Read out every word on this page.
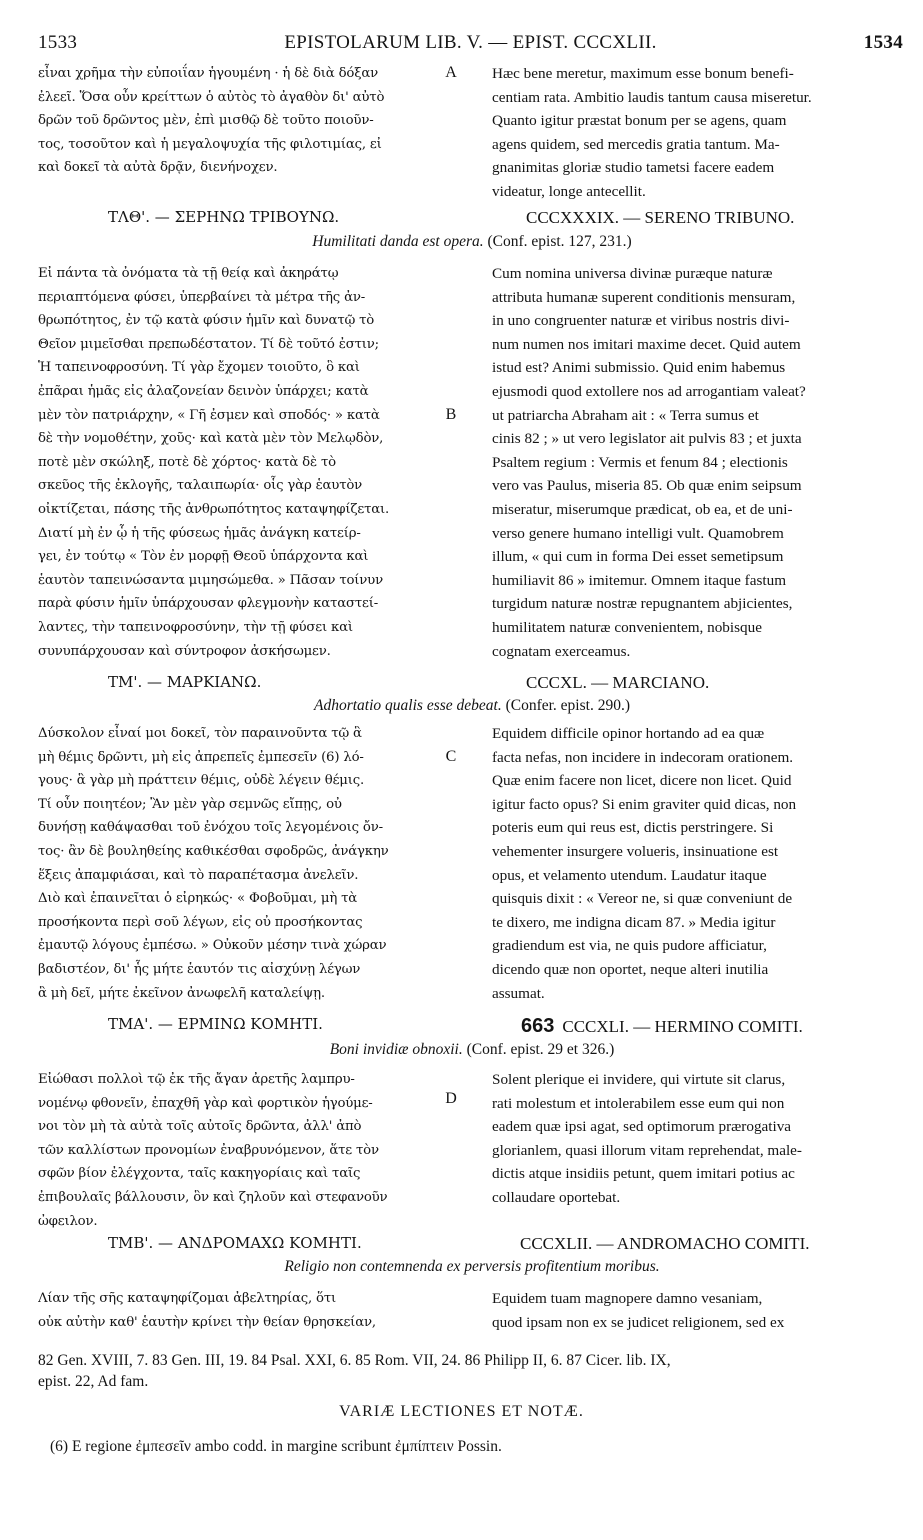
1533	EPISTOLARUM LIB. V. — EPIST. CCCXLII.	1534
εἶναι χρῆμα τὴν εὐποιΐαν ἡγουμένη · ἡ δὲ διὰ δόξαν
ἐλεεῖ. Ὅσα οὖν κρείττων ὁ αὐτὸς τὸ ἀγαθὸν δι' αὐτὸ
δρῶν τοῦ δρῶντος μὲν, ἐπὶ μισθῷ δὲ τοῦτο ποιοῦν-
τος, τοσοῦτον καὶ ἡ μεγαλοψυχία τῆς φιλοτιμίας, εἰ
καὶ δοκεῖ τὰ αὐτὰ δρᾷν, διενήνοχεν.
Hæc bene meretur, maximum esse bonum benefi-
centiam rata. Ambitio laudis tantum causa miseretur.
Quanto igitur præstat bonum per se agens, quam
agens quidem, sed mercedis gratia tantum. Ma-
gnanimitas gloriæ studio tametsi facere eadem
videatur, longe antecellit.
A
ΤΛΘ'. — ΣΕΡΗΝΩ ΤΡΙΒΟΥΝΩ.	CCCXXXIX. — SERENO TRIBUNO.
Humilitati danda est opera. (Conf. epist. 127, 231.)
Εἰ πάντα τὰ ὀνόματα τὰ τῇ θείᾳ καὶ ἀκηράτῳ
περιαπτόμενα φύσει, ὑπερβαίνει τὰ μέτρα τῆς ἀν-
θρωπότητος, ἐν τῷ κατὰ φύσιν ἡμῖν καὶ δυνατῷ τὸ
Θεῖον μιμεῖσθαι πρεπωδέστατον. Τί δὲ τοῦτό ἐστιν;
Ἡ ταπεινοφροσύνη. Τί γὰρ ἔχομεν τοιοῦτο, ὃ καὶ
ἐπᾶραι ἡμᾶς εἰς ἀλαζονείαν δεινὸν ὑπάρχει; κατὰ
μὲν τὸν πατριάρχην, « Γῆ ἐσμεν καὶ σποδός· » κατὰ
δὲ τὴν νομοθέτην, χοῦς· καὶ κατὰ μὲν τὸν Μελῳδὸν,
ποτὲ μὲν σκώληξ, ποτὲ δὲ χόρτος· κατὰ δὲ τὸ
σκεῦος τῆς ἐκλογῆς, ταλαιπωρία· οἷς γὰρ ἑαυτὸν
οἰκτίζεται, πάσης τῆς ἀνθρωπότητος καταψηφίζεται.
Διατί μὴ ἐν ᾧ ἡ τῆς φύσεως ἡμᾶς ἀνάγκη κατείρ-
γει, ἐν τούτῳ « Τὸν ἐν μορφῇ Θεοῦ ὑπάρχοντα καὶ
ἑαυτὸν ταπεινώσαντα μιμησώμεθα. » Πᾶσαν τοίνυν
παρὰ φύσιν ἡμῖν ὑπάρχουσαν φλεγμονὴν καταστεί-
λαντες, τὴν ταπεινοφροσύνην, τὴν τῇ φύσει καὶ
συνυπάρχουσαν καὶ σύντροφον ἀσκήσωμεν.
Cum nomina universa divinæ puræque naturæ
attributa humanæ superent conditionis mensuram,
in uno congruenter naturæ et viribus nostris divi-
num numen nos imitari maxime decet. Quid autem
istud est? Animi submissio. Quid enim habemus
ejusmodi quod extollere nos ad arrogantiam valeat?
ut patriarcha Abraham ait : « Terra sumus et
cinis 82 ; » ut vero legislator ait pulvis 83 ; et juxta
Psaltem regium : Vermis et fenum 84 ; electionis
vero vas Paulus, miseria 85. Ob quæ enim seipsum
miseratur, miserumque prædicat, ob ea, et de uni-
verso genere humano intelligi vult. Quamobrem
illum, « qui cum in forma Dei esset semetipsum
humiliavit 86 » imitemur. Omnem itaque fastum
turgidum naturæ nostræ repugnantem abjicientes,
humilitatem naturæ convenientem, nobisque
cognatam exerceamus.
B
ΤΜ'. — ΜΑΡΚΙΑΝΩ.	CCCXL. — MARCIANO.
Adhortatio qualis esse debeat. (Confer. epist. 290.)
Δύσκολον εἶναί μοι δοκεῖ, τὸν παραινοῦντα τῷ ἃ
μὴ θέμις δρῶντι, μὴ εἰς ἀπρεπεῖς ἐμπεσεῖν (6) λό-
γους· ἃ γὰρ μὴ πράττειν θέμις, οὐδὲ λέγειν θέμις.
Τί οὖν ποιητέον; Ἂν μὲν γὰρ σεμνῶς εἴπῃς, οὐ
δυνήσῃ καθάψασθαι τοῦ ἐνόχου τοῖς λεγομένοις ὄν-
τος· ἂν δὲ βουληθείης καθικέσθαι σφοδρῶς, ἀνάγκην
ἕξεις ἀπαμφιάσαι, καὶ τὸ παραπέτασμα ἀνελεῖν.
Διὸ καὶ ἐπαινεῖται ὁ εἰρηκώς· « Φοβοῦμαι, μὴ τὰ
προσήκοντα περὶ σοῦ λέγων, εἰς οὐ προσήκοντας
ἐμαυτῷ λόγους ἐμπέσω. » Οὐκοῦν μέσην τινὰ χώραν
βαδιστέον, δι' ἧς μήτε ἑαυτόν τις αἰσχύνῃ λέγων
ἃ μὴ δεῖ, μήτε ἐκεῖνον ἀνωφελῆ καταλείψῃ.
Equidem difficile opinor hortando ad ea quæ
facta nefas, non incidere in indecoram orationem.
Quæ enim facere non licet, dicere non licet. Quid
igitur facto opus? Si enim graviter quid dicas, non
poteris eum qui reus est, dictis perstringere. Si
vehementer insurgere volueris, insinuatione est
opus, et velamento utendum. Laudatur itaque
quisquis dixit : « Vereor ne, si quæ conveniunt de
te dixero, me indigna dicam 87. » Media igitur
gradiendum est via, ne quis pudore afficiatur,
dicendo quæ non oportet, neque alteri inutilia
assumat.
C
ΤΜΑ'. — ΕΡΜΙΝΩ ΚΟΜΗΤΙ.	663 CCCXLI. — HERMINO COMITI.
Boni invidiæ obnoxii. (Conf. epist. 29 et 326.)
Εἰώθασι πολλοὶ τῷ ἐκ τῆς ἄγαν ἀρετῆς λαμπρυ-
νομένῳ φθονεῖν, ἐπαχθῆ γὰρ καὶ φορτικὸν ἡγούμε-
νοι τὸν μὴ τὰ αὐτὰ τοῖς αὐτοῖς δρῶντα, ἀλλ' ἀπὸ
τῶν καλλίστων προνομίων ἐναβρυνόμενον, ἅτε τὸν
σφῶν βίον ἐλέγχοντα, ταῖς κακηγορίαις καὶ ταῖς
ἐπιβουλαῖς βάλλουσιν, ὃν καὶ ζηλοῦν καὶ στεφανοῦν
ὠφειλον.
Solent plerique ei invidere, qui virtute sit clarus,
rati molestum et intolerabilem esse eum qui non
eadem quæ ipsi agat, sed optimorum prærogativa
glorianlem, quasi illorum vitam reprehendat, male-
dictis atque insidiis petunt, quem imitari potius ac
collaudare oportebat.
D
ΤΜΒ'. — ΑΝΔΡΟΜΑΧΩ ΚΟΜΗΤΙ.	CCCXLII. — ANDROMACHO COMITI.
Religio non contemnenda ex perversis profitentium moribus.
Λίαν τῆς σῆς καταψηφίζομαι ἀβελτηρίας, ὅτι
οὐκ αὐτὴν καθ' ἑαυτὴν κρίνει τὴν θείαν θρησκείαν,
Equidem tuam magnopere damno vesaniam,
quod ipsam non ex se judicet religionem, sed ex
82 Gen. XVIII, 7. 83 Gen. III, 19. 84 Psal. XXI, 6. 85 Rom. VII, 24. 86 Philipp II, 6. 87 Cicer. lib. IX,
epist. 22, Ad fam.
VARIÆ LECTIONES ET NOTÆ.
(6) E regione ἐμπεσεῖν ambo codd. in margine scribunt ἐμπίπτειν Possin.
